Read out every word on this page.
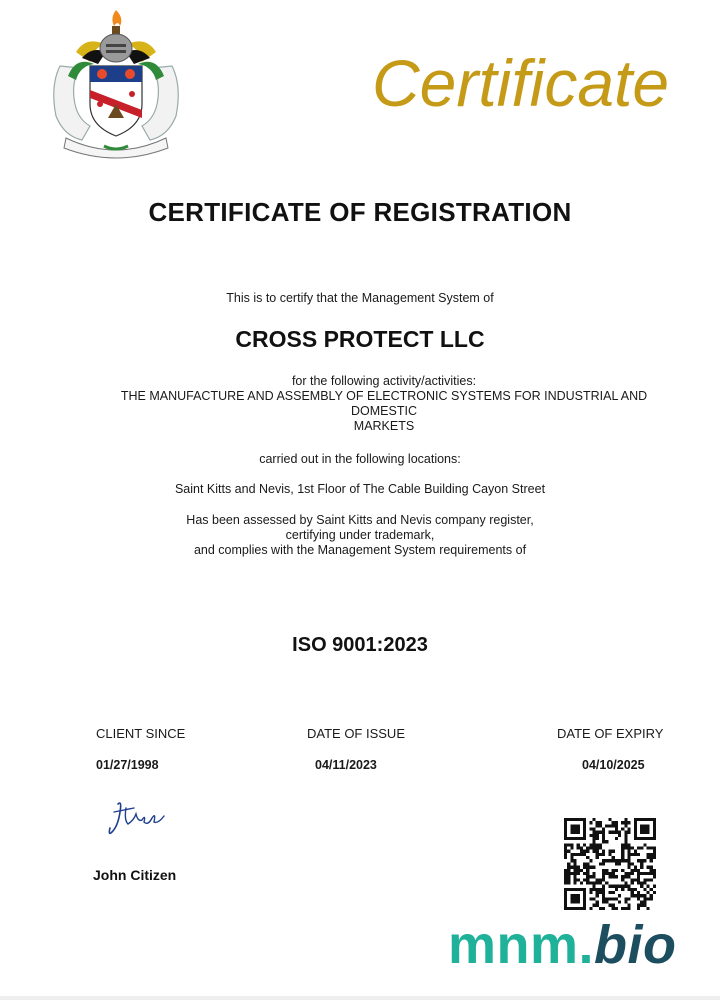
Certificate
CERTIFICATE OF REGISTRATION
This is to certify that the Management System of
CROSS PROTECT LLC
for the following activity/activities:
THE MANUFACTURE AND ASSEMBLY OF ELECTRONIC SYSTEMS FOR INDUSTRIAL AND
DOMESTIC
MARKETS
carried out in the following locations:
Saint Kitts and Nevis, 1st Floor of The Cable Building Cayon Street
Has been assessed by Saint Kitts and Nevis company register,
certifying under trademark,
and complies with the Management System requirements of
ISO 9001:2023
CLIENT SINCE	DATE OF ISSUE	DATE OF EXPIRY
01/27/1998	04/11/2023	04/10/2025
John Citizen
mnm.bio
